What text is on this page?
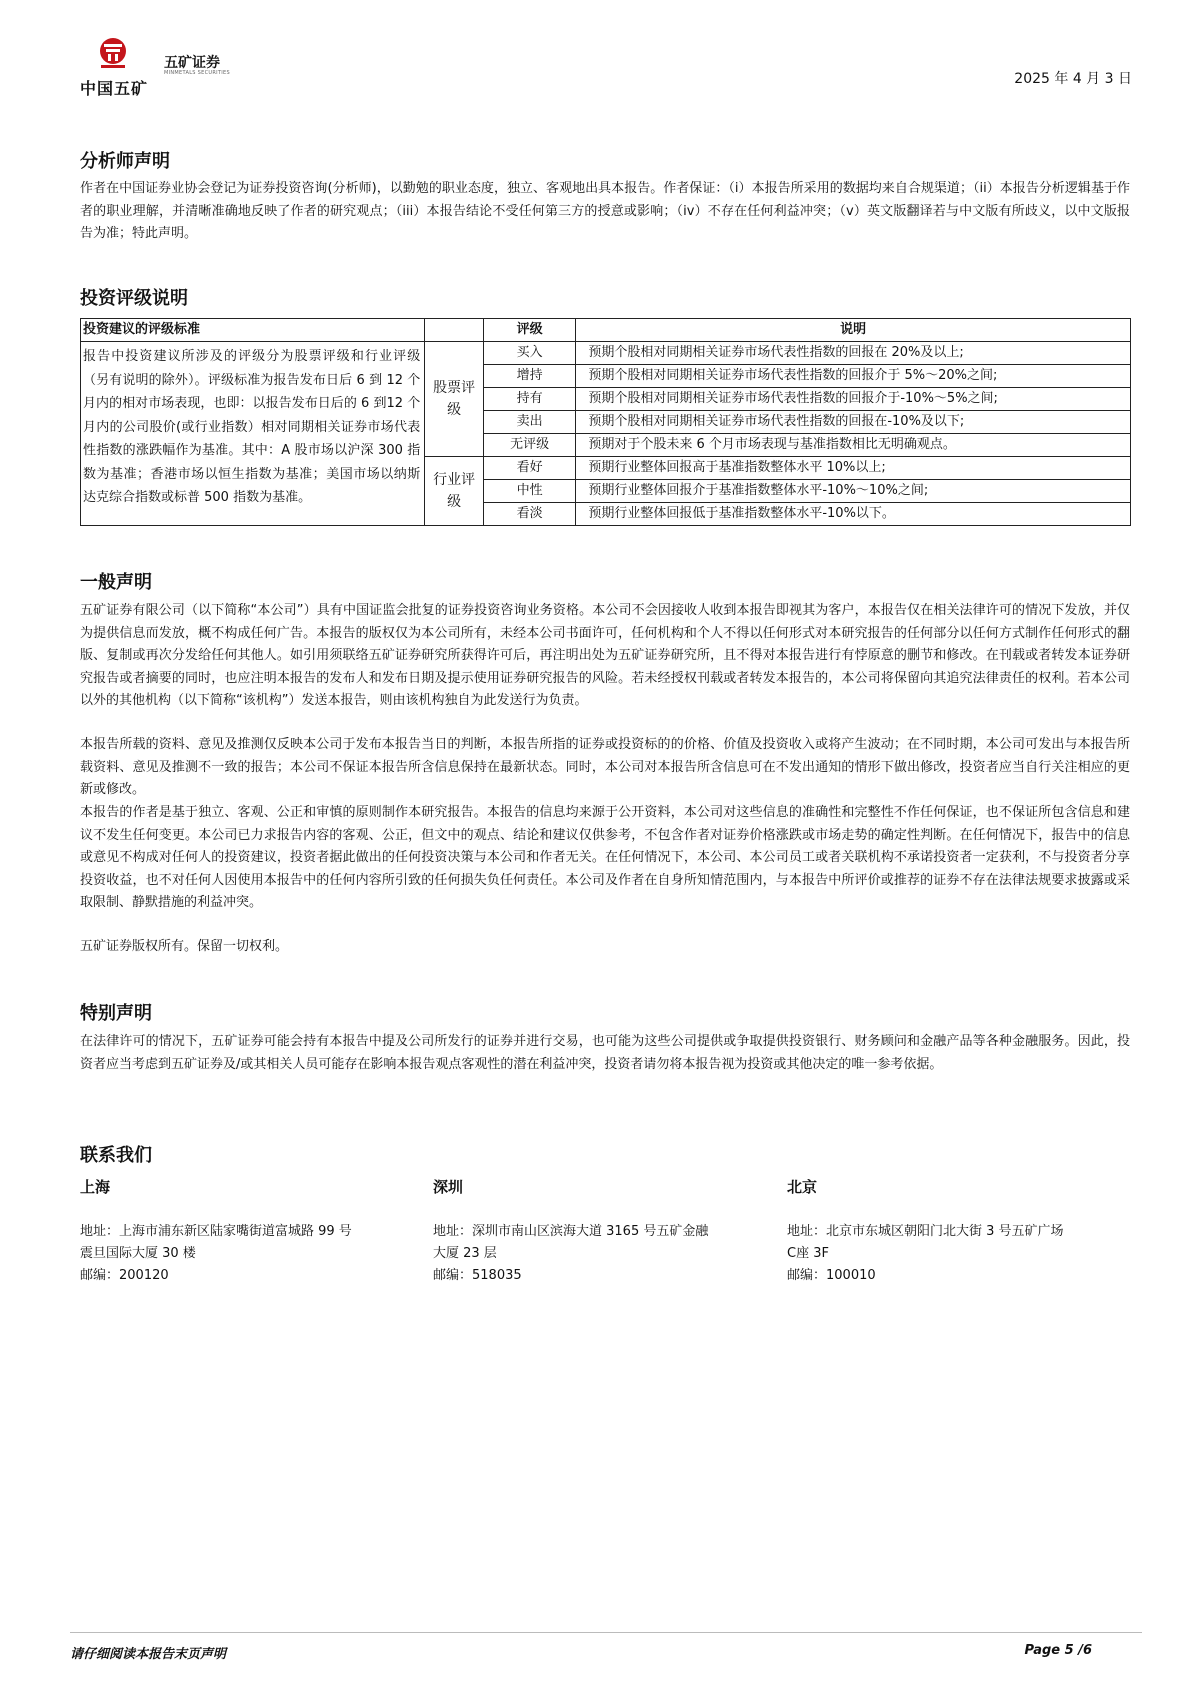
中国五矿
五矿证券
MINMETALS SECURITIES	2025 年 4 月 3 日
分析师声明

作者在中国证券业协会登记为证券投资咨询(分析师)，以勤勉的职业态度，独立、客观地出具本报告。作者保证：（i）本报告所采用的数据均来自合规渠道；（ii）本报告分析逻辑基于作者的职业理解，并清晰准确地反映了作者的研究观点；（iii）本报告结论不受任何第三方的授意或影响；（iv）不存在任何利益冲突；（v）英文版翻译若与中文版有所歧义，以中文版报告为准；特此声明。

投资评级说明
投资建议的评级标准		评级	说明
报告中投资建议所涉及的评级分为股票评级和行业评级（另有说明的除外）。评级标准为报告发布日后 6 到 12 个月内的相对市场表现，也即：以报告发布日后的 6 到12 个月内的公司股价(或行业指数）相对同期相关证券市场代表性指数的涨跌幅作为基准。其中：A 股市场以沪深 300 指数为基准；香港市场以恒生指数为基准；美国市场以纳斯达克综合指数或标普 500 指数为基准。	股票评级	买入	预期个股相对同期相关证券市场代表性指数的回报在 20%及以上;
		增持	预期个股相对同期相关证券市场代表性指数的回报介于 5%～20%之间;
		持有	预期个股相对同期相关证券市场代表性指数的回报介于-10%～5%之间;
		卖出	预期个股相对同期相关证券市场代表性指数的回报在-10%及以下;
		无评级	预期对于个股未来 6 个月市场表现与基准指数相比无明确观点。
	行业评级	看好	预期行业整体回报高于基准指数整体水平 10%以上;
		中性	预期行业整体回报介于基准指数整体水平-10%～10%之间;
		看淡	预期行业整体回报低于基准指数整体水平-10%以下。
一般声明

五矿证券有限公司（以下简称“本公司”）具有中国证监会批复的证券投资咨询业务资格。本公司不会因接收人收到本报告即视其为客户，本报告仅在相关法律许可的情况下发放，并仅为提供信息而发放，概不构成任何广告。本报告的版权仅为本公司所有，未经本公司书面许可，任何机构和个人不得以任何形式对本研究报告的任何部分以任何方式制作任何形式的翻版、复制或再次分发给任何其他人。如引用须联络五矿证券研究所获得许可后，再注明出处为五矿证券研究所，且不得对本报告进行有悖原意的删节和修改。在刊载或者转发本证券研究报告或者摘要的同时，也应注明本报告的发布人和发布日期及提示使用证券研究报告的风险。若未经授权刊载或者转发本报告的，本公司将保留向其追究法律责任的权利。若本公司以外的其他机构（以下简称“该机构”）发送本报告，则由该机构独自为此发送行为负责。

本报告所载的资料、意见及推测仅反映本公司于发布本报告当日的判断，本报告所指的证券或投资标的的价格、价值及投资收入或将产生波动；在不同时期，本公司可发出与本报告所载资料、意见及推测不一致的报告；本公司不保证本报告所含信息保持在最新状态。同时，本公司对本报告所含信息可在不发出通知的情形下做出修改，投资者应当自行关注相应的更新或修改。

本报告的作者是基于独立、客观、公正和审慎的原则制作本研究报告。本报告的信息均来源于公开资料，本公司对这些信息的准确性和完整性不作任何保证，也不保证所包含信息和建议不发生任何变更。本公司已力求报告内容的客观、公正，但文中的观点、结论和建议仅供参考，不包含作者对证券价格涨跌或市场走势的确定性判断。在任何情况下，报告中的信息或意见不构成对任何人的投资建议，投资者据此做出的任何投资决策与本公司和作者无关。在任何情况下，本公司、本公司员工或者关联机构不承诺投资者一定获利，不与投资者分享投资收益，也不对任何人因使用本报告中的任何内容所引致的任何损失负任何责任。本公司及作者在自身所知情范围内，与本报告中所评价或推荐的证券不存在法律法规要求披露或采取限制、静默措施的利益冲突。

五矿证券版权所有。保留一切权利。

特别声明

在法律许可的情况下，五矿证券可能会持有本报告中提及公司所发行的证券并进行交易，也可能为这些公司提供或争取提供投资银行、财务顾问和金融产品等各种金融服务。因此，投资者应当考虑到五矿证券及/或其相关人员可能存在影响本报告观点客观性的潜在利益冲突，投资者请勿将本报告视为投资或其他决定的唯一参考依据。

联系我们

上海

地址：上海市浦东新区陆家嘴街道富城路 99 号

震旦国际大厦 30 楼

邮编：200120

深圳

地址：深圳市南山区滨海大道 3165 号五矿金融

大厦 23 层

邮编：518035

北京

地址：北京市东城区朝阳门北大街 3 号五矿广场

C座 3F

邮编：100010

请仔细阅读本报告末页声明	Page 5 /6
